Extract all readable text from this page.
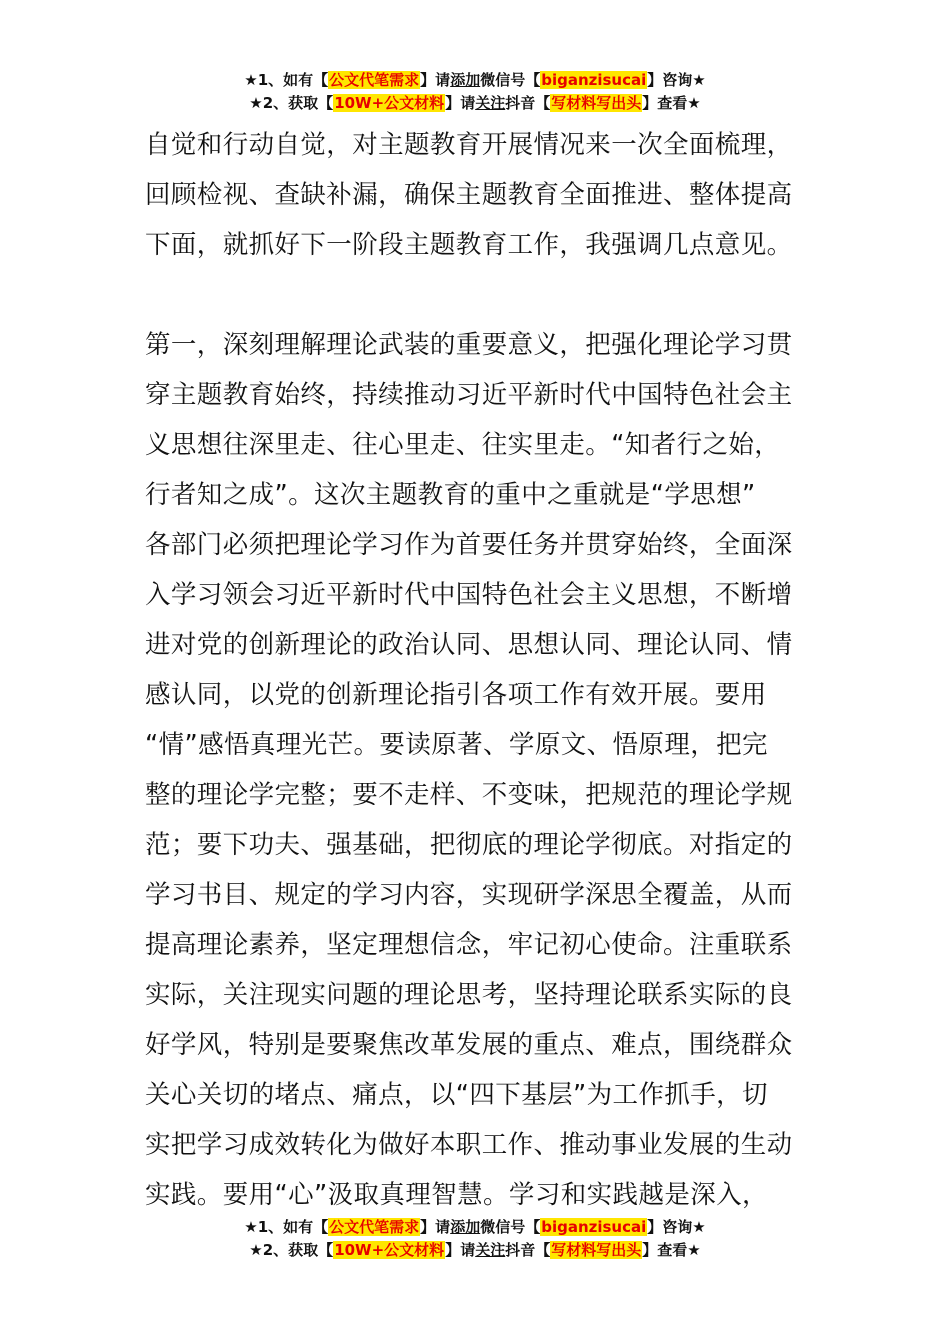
★1、如有【公文代笔需求】请添加微信号【biganzisucai】咨询★
★2、获取【10W+公文材料】请关注抖音【写材料写出头】查看★
自觉和行动自觉，对主题教育开展情况来一次全面梳理，
回顾检视、查缺补漏，确保主题教育全面推进、整体提高
下面，就抓好下一阶段主题教育工作，我强调几点意见。
第一，深刻理解理论武装的重要意义，把强化理论学习贯
穿主题教育始终，持续推动习近平新时代中国特色社会主
义思想往深里走、往心里走、往实里走。“知者行之始，
行者知之成”。这次主题教育的重中之重就是“学思想”
各部门必须把理论学习作为首要任务并贯穿始终，全面深
入学习领会习近平新时代中国特色社会主义思想，不断增
进对党的创新理论的政治认同、思想认同、理论认同、情
感认同，以党的创新理论指引各项工作有效开展。要用
“情”感悟真理光芒。要读原著、学原文、悟原理，把完
整的理论学完整；要不走样、不变味，把规范的理论学规
范；要下功夫、强基础，把彻底的理论学彻底。对指定的
学习书目、规定的学习内容，实现研学深思全覆盖，从而
提高理论素养，坚定理想信念，牢记初心使命。注重联系
实际，关注现实问题的理论思考，坚持理论联系实际的良
好学风，特别是要聚焦改革发展的重点、难点，围绕群众
关心关切的堵点、痛点，以“四下基层”为工作抓手，切
实把学习成效转化为做好本职工作、推动事业发展的生动
实践。要用“心”汲取真理智慧。学习和实践越是深入，
★1、如有【公文代笔需求】请添加微信号【biganzisucai】咨询★
★2、获取【10W+公文材料】请关注抖音【写材料写出头】查看★
